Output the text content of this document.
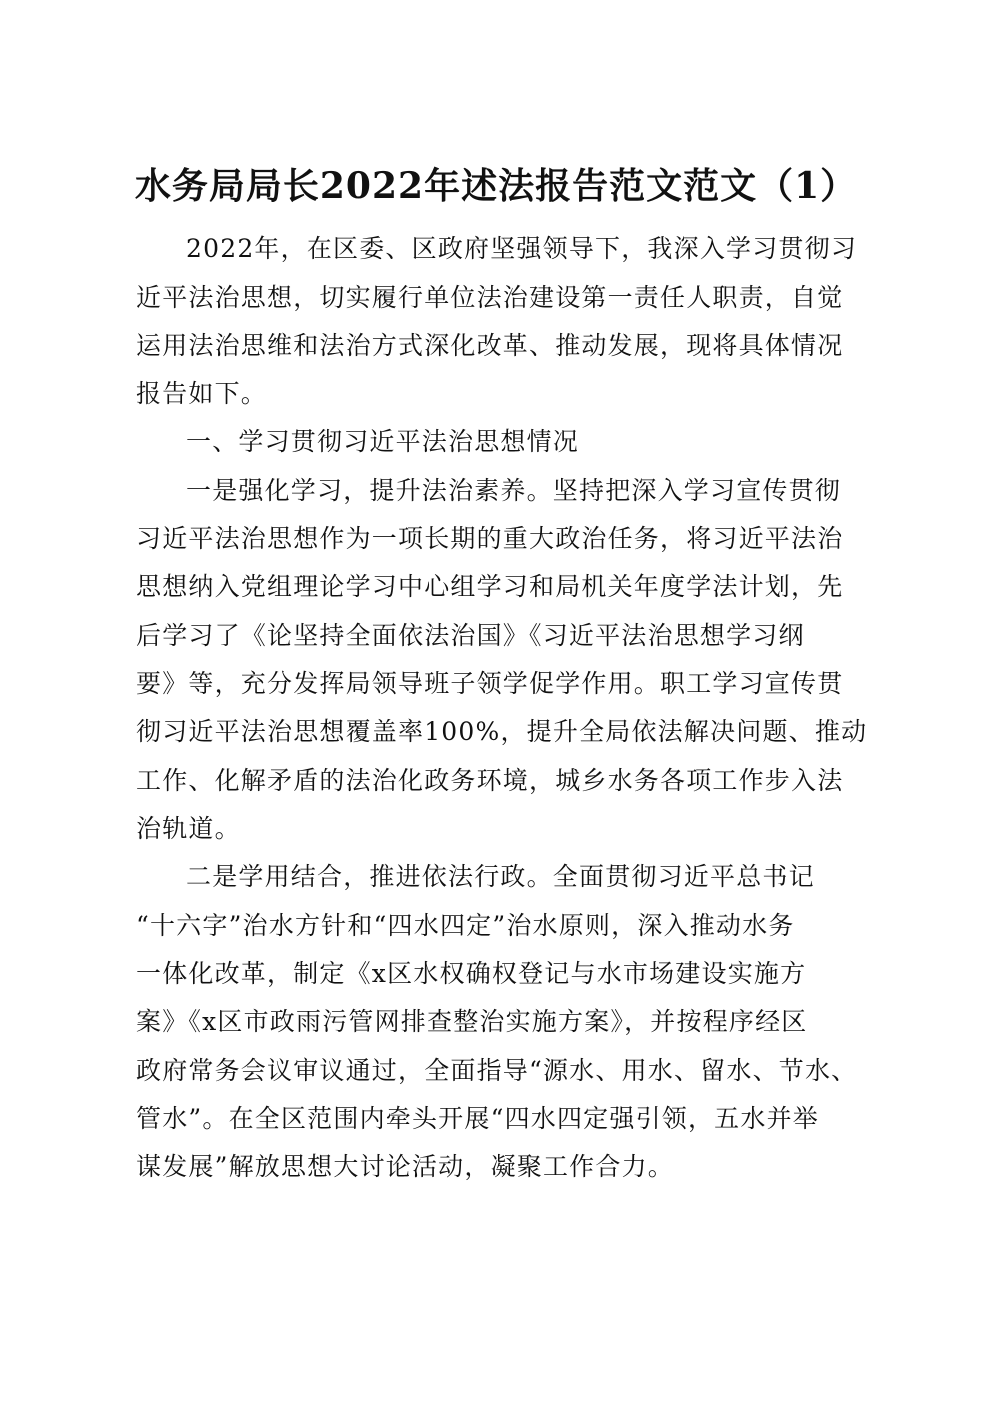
水务局局长2022年述法报告范文范文（1）
2022年，在区委、区政府坚强领导下，我深入学习贯彻习
近平法治思想，切实履行单位法治建设第一责任人职责，自觉
运用法治思维和法治方式深化改革、推动发展，现将具体情况
报告如下。
一、学习贯彻习近平法治思想情况
一是强化学习，提升法治素养。坚持把深入学习宣传贯彻
习近平法治思想作为一项长期的重大政治任务，将习近平法治
思想纳入党组理论学习中心组学习和局机关年度学法计划，先
后学习了《论坚持全面依法治国》《习近平法治思想学习纲
要》等，充分发挥局领导班子领学促学作用。职工学习宣传贯
彻习近平法治思想覆盖率100%，提升全局依法解决问题、推动
工作、化解矛盾的法治化政务环境，城乡水务各项工作步入法
治轨道。
二是学用结合，推进依法行政。全面贯彻习近平总书记
“十六字”治水方针和“四水四定”治水原则，深入推动水务
一体化改革，制定《x区水权确权登记与水市场建设实施方
案》《x区市政雨污管网排查整治实施方案》，并按程序经区
政府常务会议审议通过，全面指导“源水、用水、留水、节水、
管水”。在全区范围内牵头开展“四水四定强引领，五水并举
谋发展”解放思想大讨论活动，凝聚工作合力。
